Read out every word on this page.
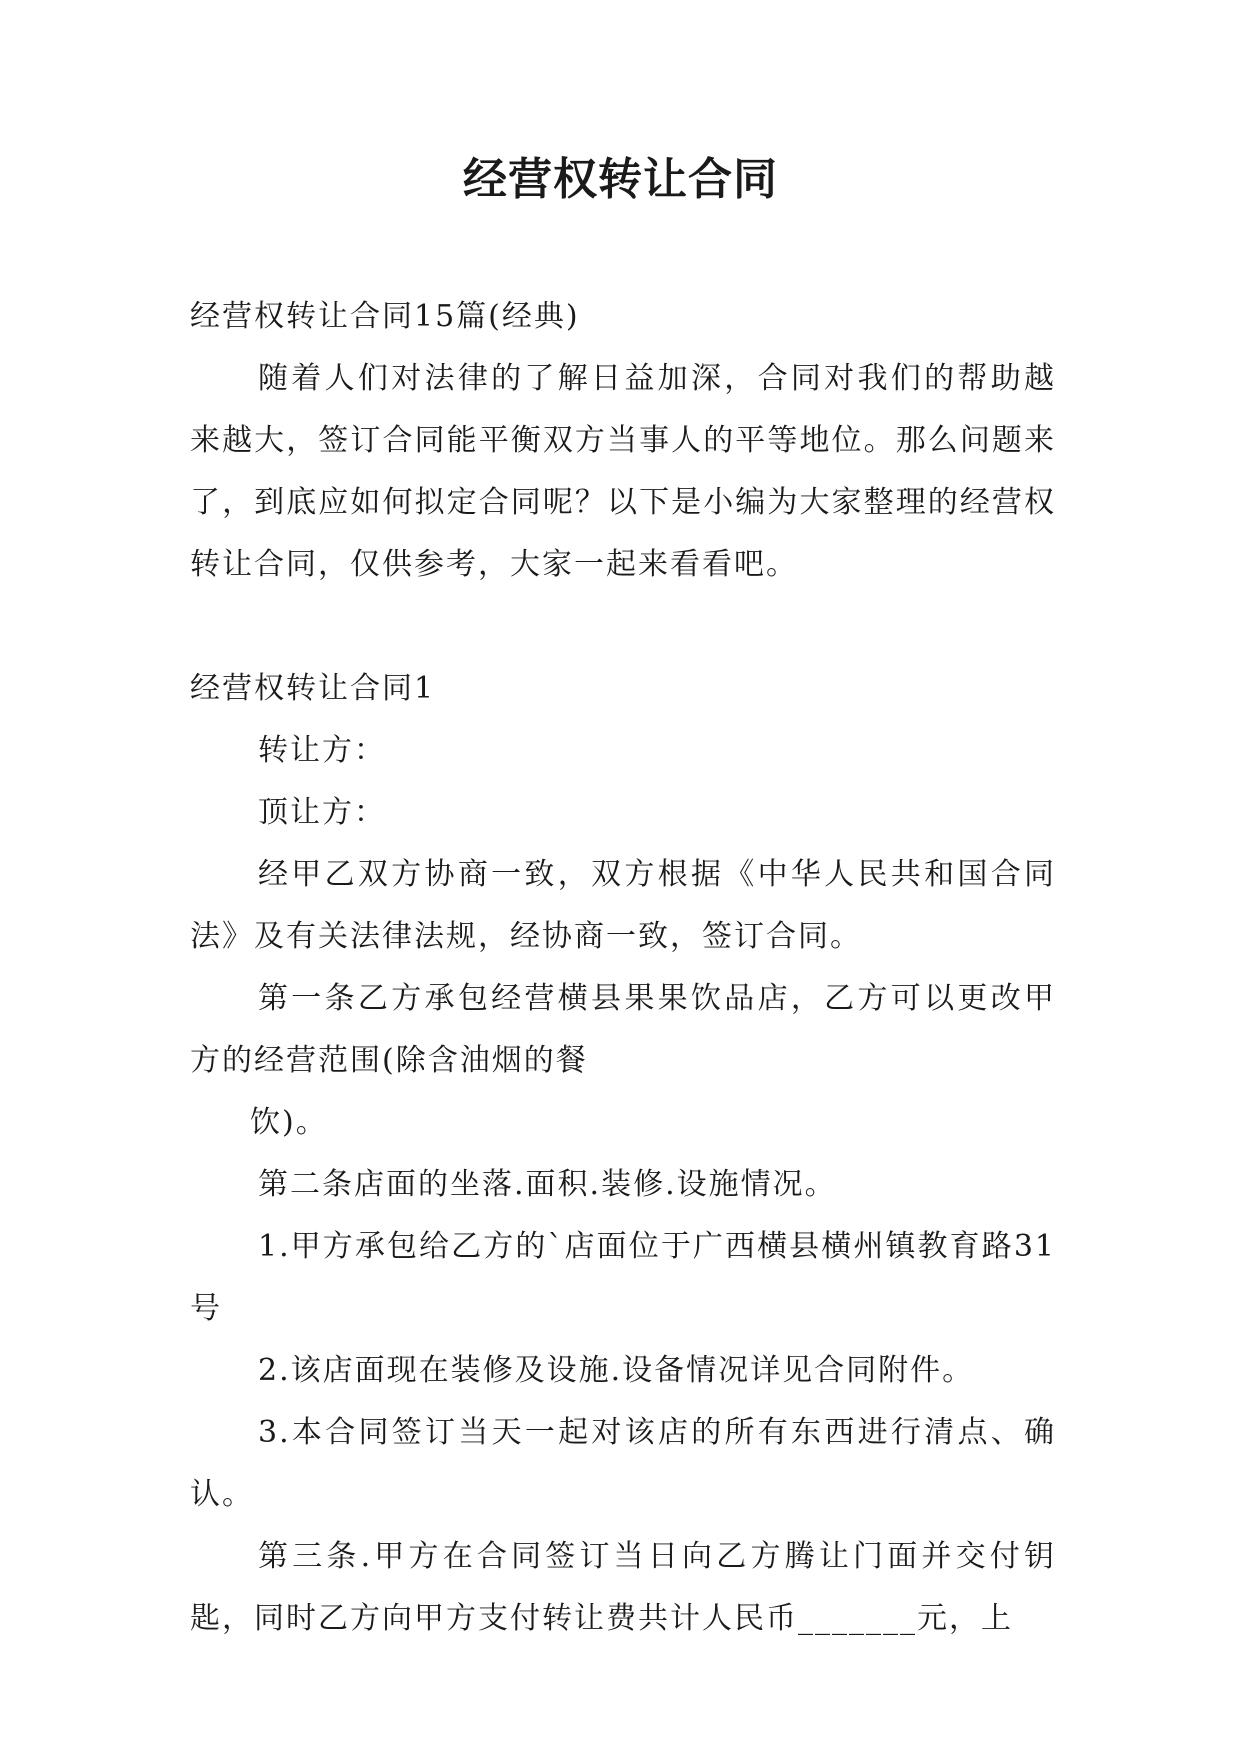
经营权转让合同

经营权转让合同15篇(经典)

随着人们对法律的了解日益加深，合同对我们的帮助越来越大，签订合同能平衡双方当事人的平等地位。那么问题来了，到底应如何拟定合同呢？以下是小编为大家整理的经营权转让合同，仅供参考，大家一起来看看吧。

经营权转让合同1

转让方：

顶让方：

经甲乙双方协商一致，双方根据《中华人民共和国合同法》及有关法律法规，经协商一致，签订合同。

第一条乙方承包经营横县果果饮品店，乙方可以更改甲方的经营范围(除含油烟的餐

饮)。

第二条店面的坐落.面积.装修.设施情况。

1.甲方承包给乙方的`店面位于广西横县横州镇教育路31号

2.该店面现在装修及设施.设备情况详见合同附件。

3.本合同签订当天一起对该店的所有东西进行清点、确认。

第三条.甲方在合同签订当日向乙方腾让门面并交付钥匙，同时乙方向甲方支付转让费共计人民币_______元，上
